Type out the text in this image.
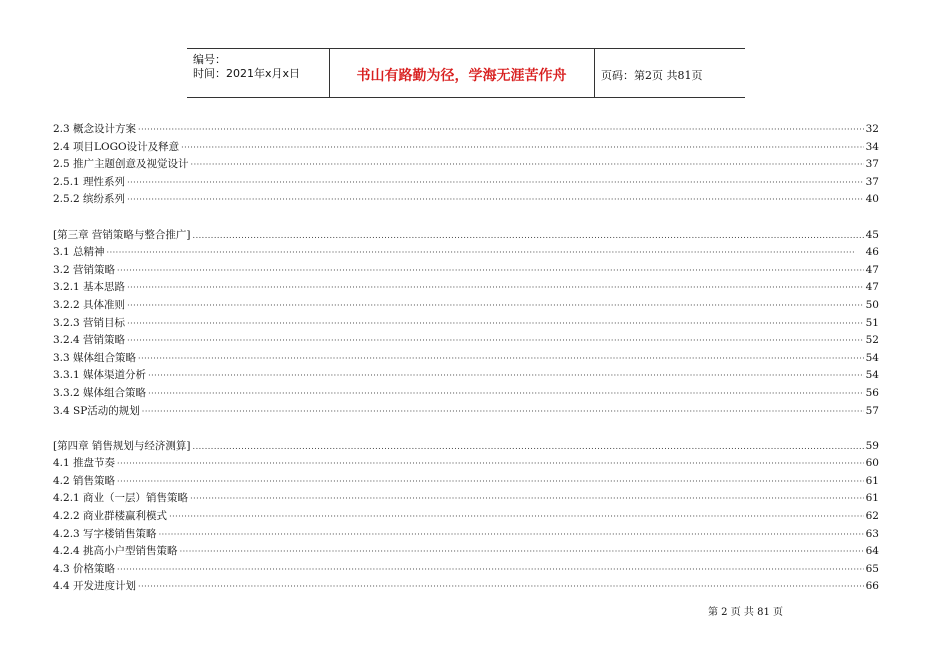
编号：
时间：2021年x月x日	书山有路勤为径，学海无涯苦作舟	页码：第2页 共81页
2.3 概念设计方案 ·····	32
2.4 项目LOGO设计及释意 ·····	34
2.5 推广主题创意及视觉设计 ·····	37
2.5.1 理性系列 ·····	37
2.5.2 缤纷系列 ·····	40
[第三章 营销策略与整合推广] .....	45
3.1 总精神 ·····	46
3.2 营销策略 ·····	47
3.2.1 基本思路 ·····	47
3.2.2 具体准则 ·····	50
3.2.3 营销目标 ·····	51
3.2.4 营销策略 ·····	52
3.3 媒体组合策略 ·····	54
3.3.1 媒体渠道分析 ·····	54
3.3.2 媒体组合策略 ·····	56
3.4 SP活动的规划 ·····	57
[第四章 销售规划与经济测算] .....	59
4.1 推盘节奏 ·····	60
4.2 销售策略 ·····	61
4.2.1 商业（一层）销售策略 ·····	61
4.2.2 商业群楼赢利模式 ·····	62
4.2.3 写字楼销售策略 ·····	63
4.2.4 挑高小户型销售策略 ·····	64
4.3 价格策略 ·····	65
4.4 开发进度计划 ·····	66
第 2 页 共 81 页
